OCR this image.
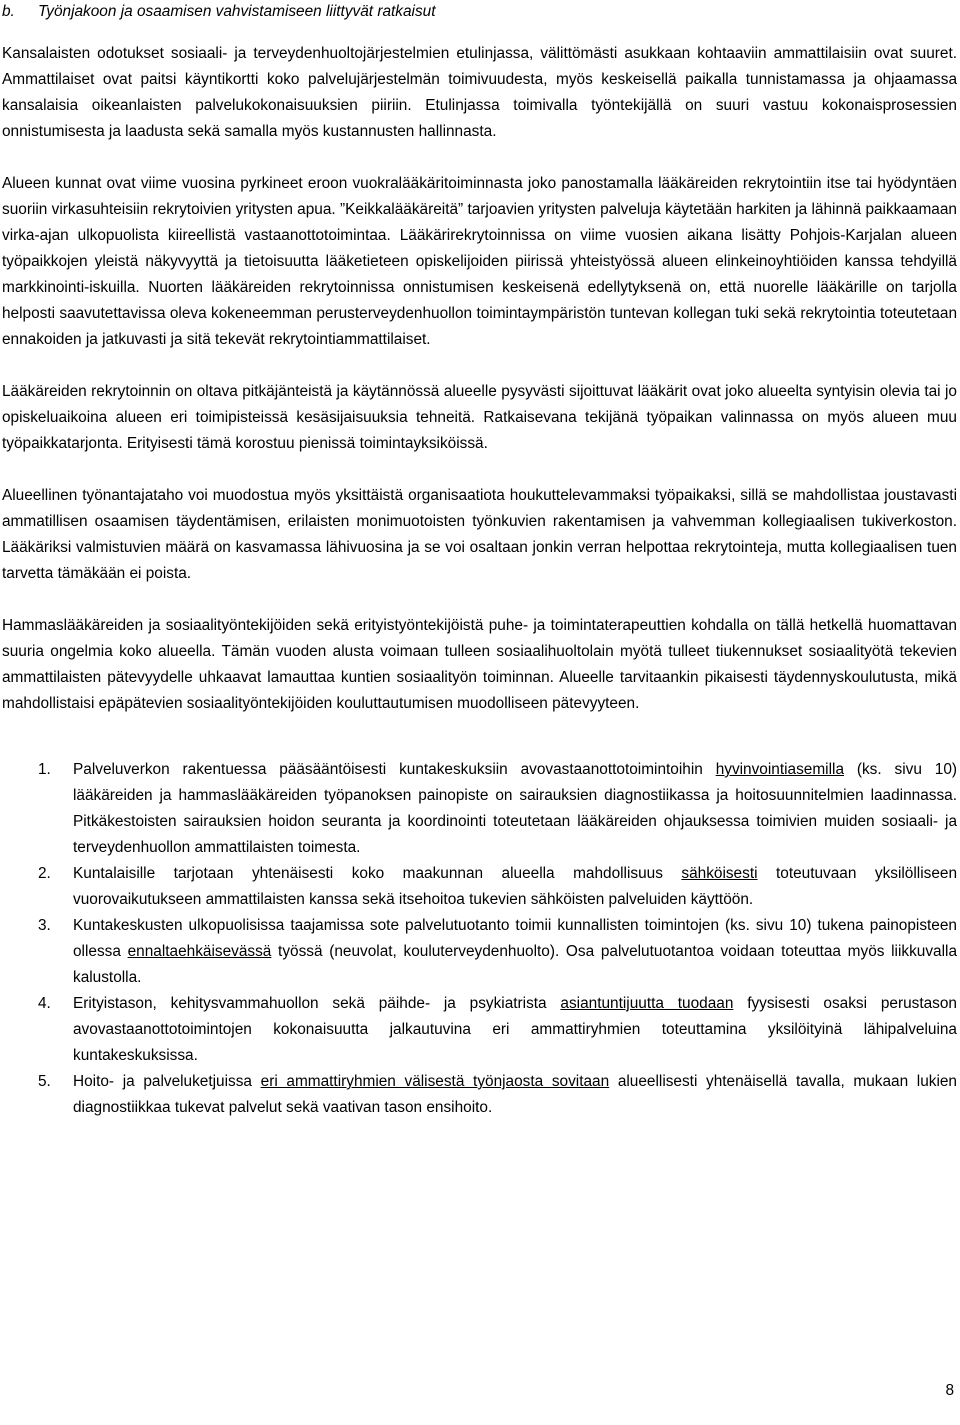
b. Työnjakoon ja osaamisen vahvistamiseen liittyvät ratkaisut

Kansalaisten odotukset sosiaali- ja terveydenhuoltojärjestelmien etulinjassa, välittömästi asukkaan kohtaaviin ammattilaisiin ovat suuret. Ammattilaiset ovat paitsi käyntikortti koko palvelujärjestelmän toimivuudesta, myös keskeisellä paikalla tunnistamassa ja ohjaamassa kansalaisia oikeanlaisten palvelukokonaisuuksien piiriin. Etulinjassa toimivalla työntekijällä on suuri vastuu kokonaisprosessien onnistumisesta ja laadusta sekä samalla myös kustannusten hallinnasta.

Alueen kunnat ovat viime vuosina pyrkineet eroon vuokralääkäritoiminnasta joko panostamalla lääkäreiden rekrytointiin itse tai hyödyntäen suoriin virkasuhteisiin rekrytoivien yritysten apua. ”Keikkalääkäreitä” tarjoavien yritysten palveluja käytetään harkiten ja lähinnä paikkaamaan virka-ajan ulkopuolista kiireellistä vastaanottotoimintaa. Lääkärirekrytoinnissa on viime vuosien aikana lisätty Pohjois-Karjalan alueen työpaikkojen yleistä näkyvyyttä ja tietoisuutta lääketieteen opiskelijoiden piirissä yhteistyössä alueen elinkeinoyhtiöiden kanssa tehdyillä markkinointi-iskuilla. Nuorten lääkäreiden rekrytoinnissa onnistumisen keskeisenä edellytyksenä on, että nuorelle lääkärille on tarjolla helposti saavutettavissa oleva kokeneemman perusterveydenhuollon toimintaympäristön tuntevan kollegan tuki sekä rekrytointia toteutetaan ennakoiden ja jatkuvasti ja sitä tekevät rekrytointiammattilaiset.

Lääkäreiden rekrytoinnin on oltava pitkäjänteistä ja käytännössä alueelle pysyvästi sijoittuvat lääkärit ovat joko alueelta syntyisin olevia tai jo opiskeluaikoina alueen eri toimipisteissä kesäsijaisuuksia tehneitä. Ratkaisevana tekijänä työpaikan valinnassa on myös alueen muu työpaikkatarjonta. Erityisesti tämä korostuu pienissä toimintayksiköissä.

Alueellinen työnantajataho voi muodostua myös yksittäistä organisaatiota houkuttelevammaksi työpaikaksi, sillä se mahdollistaa joustavasti ammatillisen osaamisen täydentämisen, erilaisten monimuotoisten työnkuvien rakentamisen ja vahvemman kollegiaalisen tukiverkoston. Lääkäriksi valmistuvien määrä on kasvamassa lähivuosina ja se voi osaltaan jonkin verran helpottaa rekrytointeja, mutta kollegiaalisen tuen tarvetta tämäkään ei poista.

Hammaslääkäreiden ja sosiaalityöntekijöiden sekä erityistyöntekijöistä puhe- ja toimintaterapeuttien kohdalla on tällä hetkellä huomattavan suuria ongelmia koko alueella. Tämän vuoden alusta voimaan tulleen sosiaalihuoltolain myötä tulleet tiukennukset sosiaalityötä tekevien ammattilaisten pätevyydelle uhkaavat lamauttaa kuntien sosiaalityön toiminnan. Alueelle tarvitaankin pikaisesti täydennyskoulutusta, mikä mahdollistaisi epäpätevien sosiaalityöntekijöiden kouluttautumisen muodolliseen pätevyyteen.

1. Palveluverkon rakentuessa pääsääntöisesti kuntakeskuksiin avovastaanottotoimintoihin hyvinvointiasemilla (ks. sivu 10) lääkäreiden ja hammaslääkäreiden työpanoksen painopiste on sairauksien diagnostiikassa ja hoitosuunnitelmien laadinnassa. Pitkäkestoisten sairauksien hoidon seuranta ja koordinointi toteutetaan lääkäreiden ohjauksessa toimivien muiden sosiaali- ja terveydenhuollon ammattilaisten toimesta.
2. Kuntalaisille tarjotaan yhtenäisesti koko maakunnan alueella mahdollisuus sähköisesti toteutuvaan yksilölliseen vuorovaikutukseen ammattilaisten kanssa sekä itsehoitoa tukevien sähköisten palveluiden käyttöön.
3. Kuntakeskusten ulkopuolisissa taajamissa sote palvelutuotanto toimii kunnallisten toimintojen (ks. sivu 10) tukena painopisteen ollessa ennaltaehkäisevässä työssä (neuvolat, kouluterveydenhuolto). Osa palvelutuotantoa voidaan toteuttaa myös liikkuvalla kalustolla.
4. Erityistason, kehitysvammahuollon sekä päihde- ja psykiatrista asiantuntijuutta tuodaan fyysisesti osaksi perustason avovastaanottotoimintojen kokonaisuutta jalkautuvina eri ammattiryhmien toteuttamina yksilöityinä lähipalveluina kuntakeskuksissa.
5. Hoito- ja palveluketjuissa eri ammattiryhmien välisestä työnjaosta sovitaan alueellisesti yhtenäisellä tavalla, mukaan lukien diagnostiikkaa tukevat palvelut sekä vaativan tason ensihoito.
8
